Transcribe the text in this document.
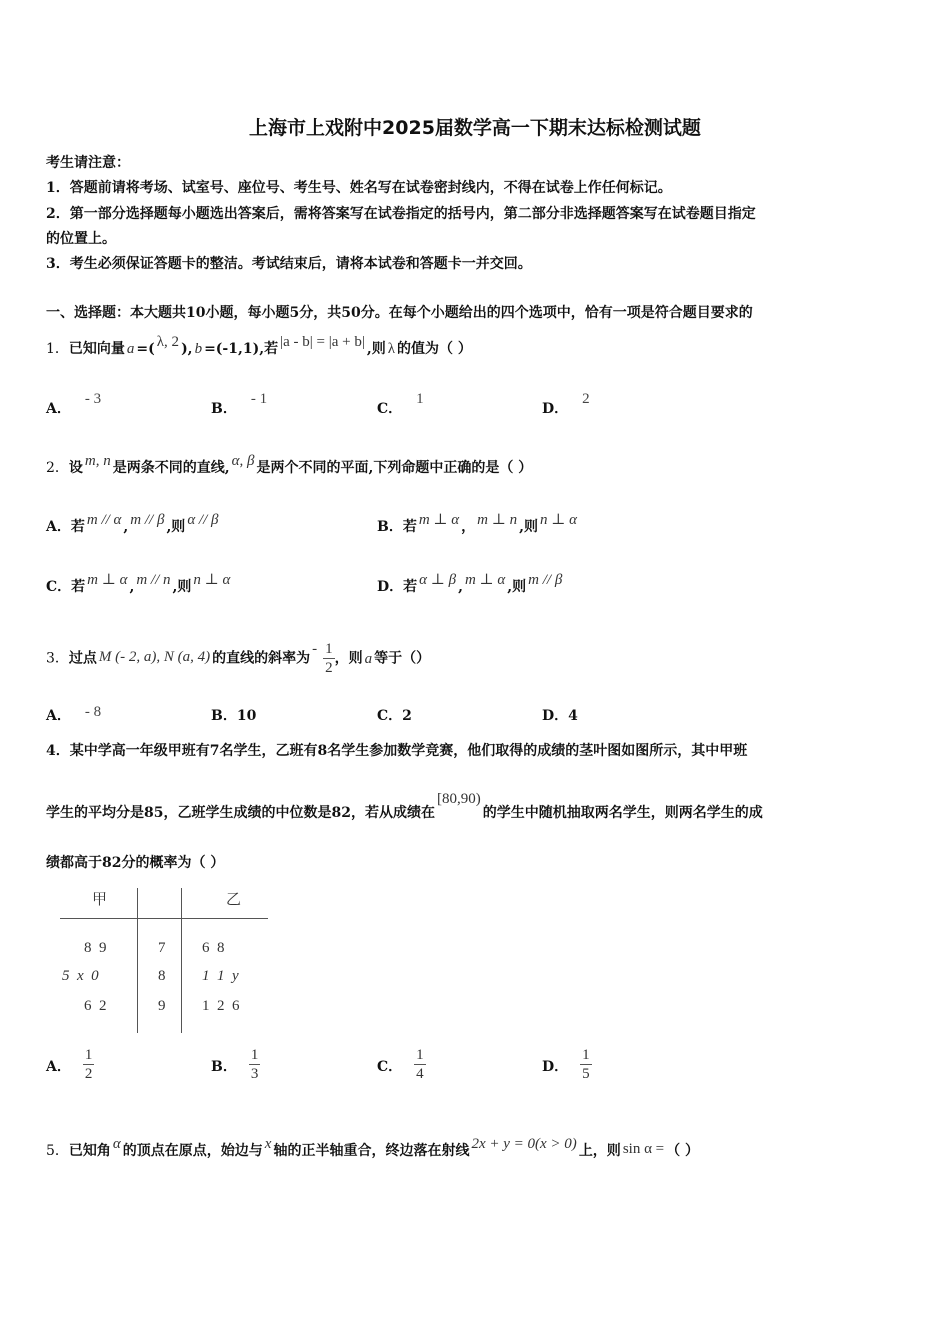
上海市上戏附中2025届数学高一下期末达标检测试题
考生请注意：
1．答题前请将考场、试室号、座位号、考生号、姓名写在试卷密封线内，不得在试卷上作任何标记。
2．第一部分选择题每小题选出答案后，需将答案写在试卷指定的括号内，第二部分非选择题答案写在试卷题目指定
的位置上。
3．考生必须保证答题卡的整洁。考试结束后，请将本试卷和答题卡一并交回。
一、选择题：本大题共10小题，每小题5分，共50分。在每个小题给出的四个选项中，恰有一项是符合题目要求的
1．已知向量 a =( λ, 2 ), b =(-1,1),若 |a - b| = |a + b| ,则 λ 的值为（ ）
A．- 3
B．- 1
C．1
D．2
2．设 m, n 是两条不同的直线, α, β 是两个不同的平面,下列命题中正确的是（ ）
A．若 m // α , m // β ,则 α // β	B．若 m ⊥ α ， m ⊥ n ,则 n ⊥ α
C．若 m ⊥ α , m // n ,则 n ⊥ α	D．若 α ⊥ β , m ⊥ α ,则 m // β
3．过点 M (- 2, a), N (a, 4) 的直线的斜率为- $\frac{1}{2}$ ，则 a 等于（）
A． - 8	B．10	C．2	D．4
4．某中学高一年级甲班有7名学生，乙班有8名学生参加数学竞赛，他们取得的成绩的茎叶图如图所示，其中甲班
学生的平均分是85，乙班学生成绩的中位数是82，若从成绩在[80,90)的学生中随机抽取两名学生，则两名学生的成
绩都高于82分的概率为（ ）
甲	乙
8  9	7 6  8
5  x  0	8 1  1  y
6  2	9 1  2  6
A． $\frac{1}{2}$	B． $\frac{1}{3}$	C． $\frac{1}{4}$	D． $\frac{1}{5}$
5．已知角 α 的顶点在原点，始边与 x 轴的正半轴重合，终边落在射线 2x + y = 0(x > 0) 上，则 sin α = （ ）
